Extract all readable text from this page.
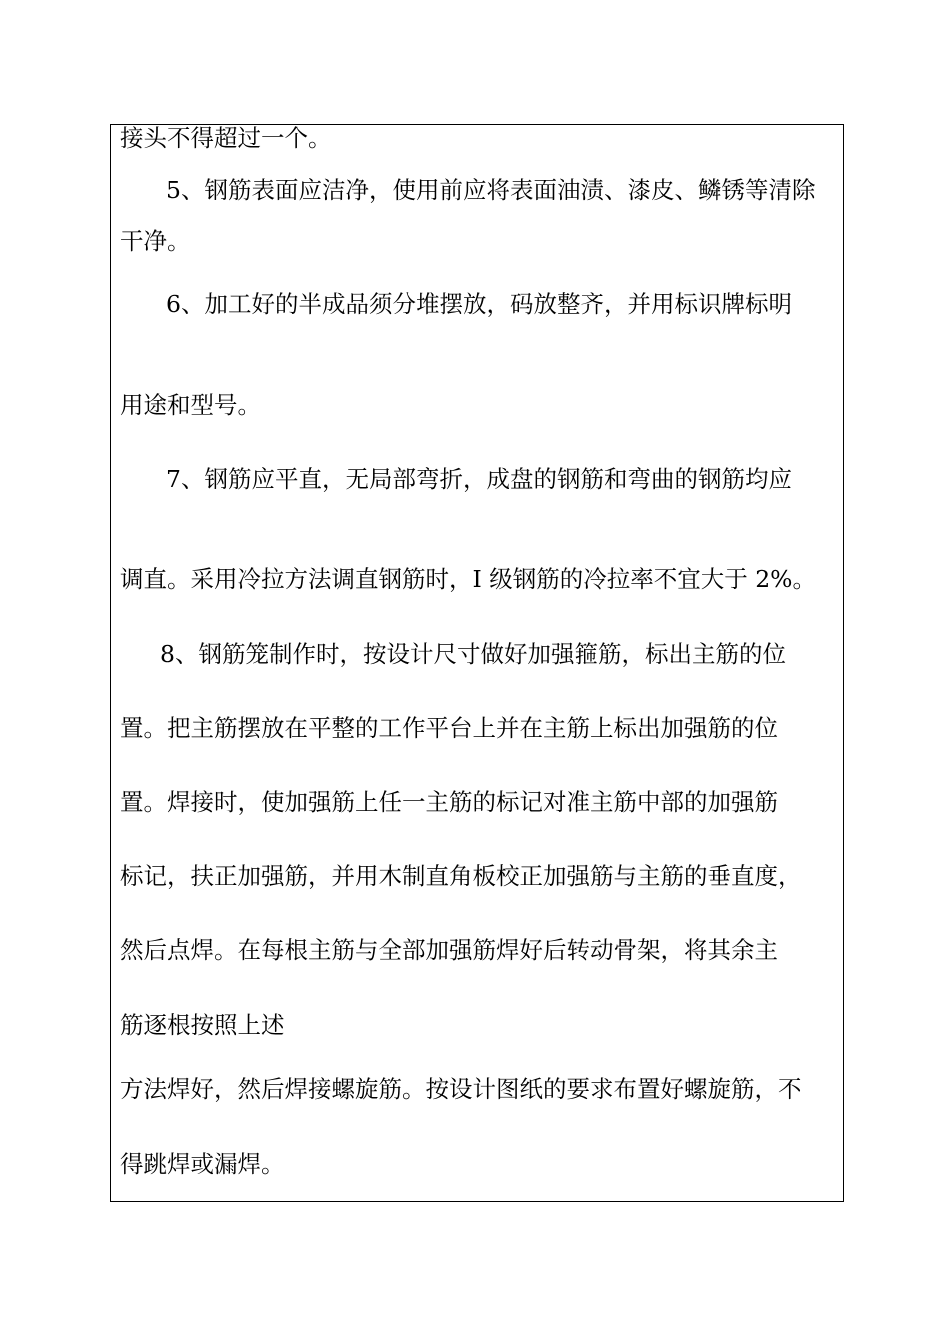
接头不得超过一个。
5、钢筋表面应洁净，使用前应将表面油渍、漆皮、鳞锈等清除
干净。
6、加工好的半成品须分堆摆放，码放整齐，并用标识牌标明
用途和型号。
7、钢筋应平直，无局部弯折，成盘的钢筋和弯曲的钢筋均应
调直。采用冷拉方法调直钢筋时，I 级钢筋的冷拉率不宜大于 2%。
8、钢筋笼制作时，按设计尺寸做好加强箍筋，标出主筋的位
置。把主筋摆放在平整的工作平台上并在主筋上标出加强筋的位
置。焊接时，使加强筋上任一主筋的标记对准主筋中部的加强筋
标记，扶正加强筋，并用木制直角板校正加强筋与主筋的垂直度，
然后点焊。在每根主筋与全部加强筋焊好后转动骨架，将其余主
筋逐根按照上述
方法焊好，然后焊接螺旋筋。按设计图纸的要求布置好螺旋筋，不
得跳焊或漏焊。
